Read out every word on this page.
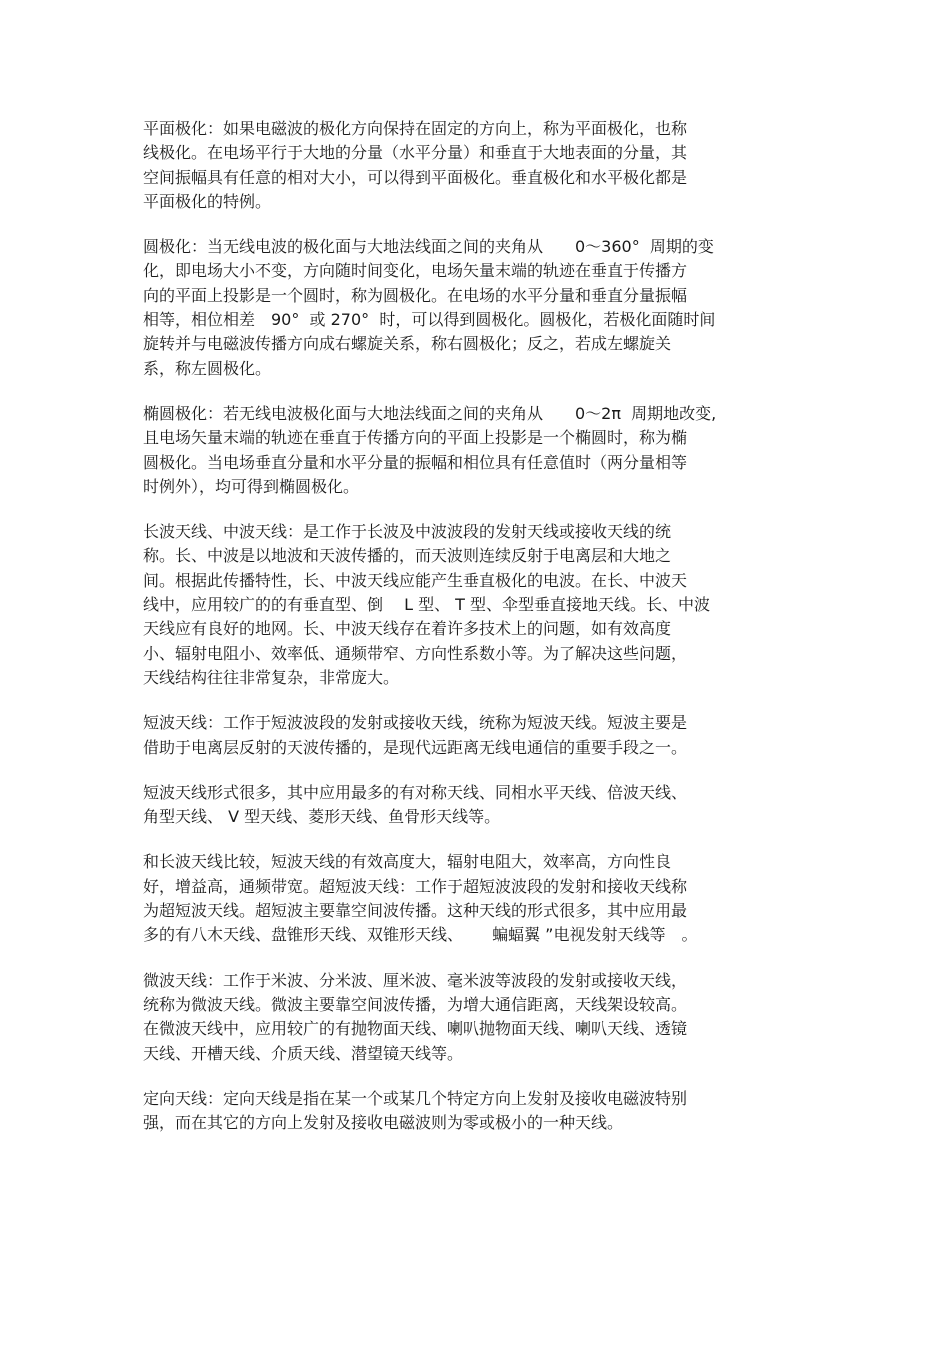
平面极化：如果电磁波的极化方向保持在固定的方向上，称为平面极化，也称
线极化。在电场平行于大地的分量（水平分量）和垂直于大地表面的分量，其
空间振幅具有任意的相对大小，可以得到平面极化。垂直极化和水平极化都是
平面极化的特例。
圆极化：当无线电波的极化面与大地法线面之间的夹角从　　0～360°  周期的变
化，即电场大小不变，方向随时间变化，电场矢量末端的轨迹在垂直于传播方
向的平面上投影是一个圆时，称为圆极化。在电场的水平分量和垂直分量振幅
相等，相位相差　90°  或 270°  时，可以得到圆极化。圆极化，若极化面随时间
旋转并与电磁波传播方向成右螺旋关系，称右圆极化；反之，若成左螺旋关
系，称左圆极化。
椭圆极化：若无线电波极化面与大地法线面之间的夹角从　　0～2π  周期地改变,
且电场矢量末端的轨迹在垂直于传播方向的平面上投影是一个椭圆时，称为椭
圆极化。当电场垂直分量和水平分量的振幅和相位具有任意值时（两分量相等
时例外），均可得到椭圆极化。
长波天线、中波天线：是工作于长波及中波波段的发射天线或接收天线的统
称。长、中波是以地波和天波传播的，而天波则连续反射于电离层和大地之
间。根据此传播特性，长、中波天线应能产生垂直极化的电波。在长、中波天
线中，应用较广的的有垂直型、倒　 L 型、 T 型、伞型垂直接地天线。长、中波
天线应有良好的地网。长、中波天线存在着许多技术上的问题，如有效高度
小、辐射电阻小、效率低、通频带窄、方向性系数小等。为了解决这些问题，
天线结构往往非常复杂，非常庞大。
短波天线：工作于短波波段的发射或接收天线，统称为短波天线。短波主要是
借助于电离层反射的天波传播的，是现代远距离无线电通信的重要手段之一。
短波天线形式很多，其中应用最多的有对称天线、同相水平天线、倍波天线、
角型天线、 V 型天线、菱形天线、鱼骨形天线等。
和长波天线比较，短波天线的有效高度大，辐射电阻大，效率高，方向性良
好，增益高，通频带宽。超短波天线：工作于超短波波段的发射和接收天线称
为超短波天线。超短波主要靠空间波传播。这种天线的形式很多，其中应用最
多的有八木天线、盘锥形天线、双锥形天线、　　 蝙蝠翼 ”电视发射天线等　。
微波天线：工作于米波、分米波、厘米波、毫米波等波段的发射或接收天线，
统称为微波天线。微波主要靠空间波传播，为增大通信距离，天线架设较高。
在微波天线中，应用较广的有抛物面天线、喇叭抛物面天线、喇叭天线、透镜
天线、开槽天线、介质天线、潜望镜天线等。
定向天线：定向天线是指在某一个或某几个特定方向上发射及接收电磁波特别
强，而在其它的方向上发射及接收电磁波则为零或极小的一种天线。
